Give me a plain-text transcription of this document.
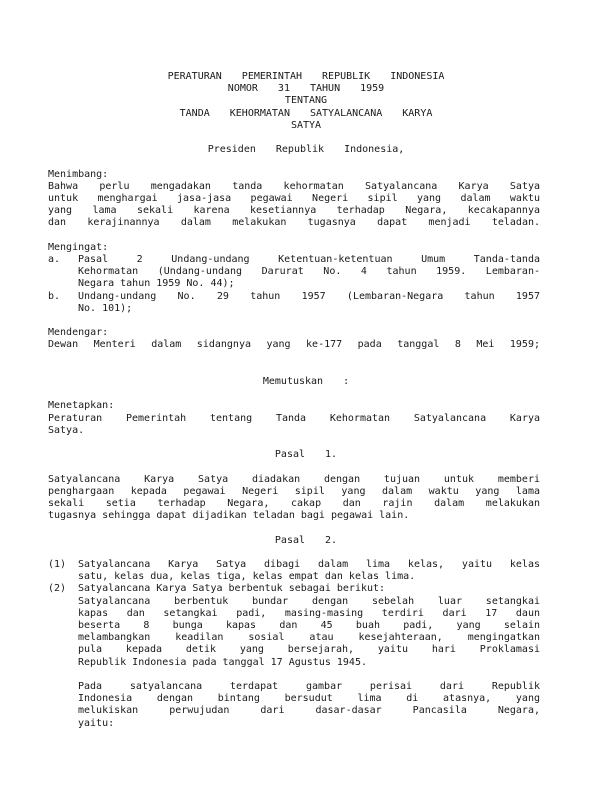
PERATURAN PEMERINTAH REPUBLIK INDONESIA
NOMOR 31 TAHUN 1959
TENTANG
TANDA KEHORMATAN SATYALANCANA KARYA
SATYA
Presiden Republik Indonesia,
Menimbang:
Bahwa perlu mengadakan tanda kehormatan Satyalancana Karya Satya
untuk menghargai jasa-jasa pegawai Negeri sipil yang dalam waktu
yang lama sekali karena kesetiannya terhadap Negara, kecakapannya
dan kerajinannya dalam melakukan tugasnya dapat menjadi teladan.
Mengingat:
a. Pasal 2 Undang-undang Ketentuan-ketentuan Umum Tanda-tanda
Kehormatan (Undang-undang Darurat No. 4 tahun 1959. Lembaran-
Negara tahun 1959 No. 44);
b. Undang-undang No. 29 tahun 1957 (Lembaran-Negara tahun 1957
No. 101);
Mendengar:
Dewan Menteri dalam sidangnya yang ke-177 pada tanggal 8 Mei 1959;
Memutuskan :
Menetapkan:
Peraturan Pemerintah tentang Tanda Kehormatan Satyalancana Karya
Satya.
Pasal 1.
Satyalancana Karya Satya diadakan dengan tujuan untuk memberi
penghargaan kepada pegawai Negeri sipil yang dalam waktu yang lama
sekali setia terhadap Negara, cakap dan rajin dalam melakukan
tugasnya sehingga dapat dijadikan teladan bagi pegawai lain.
Pasal 2.
(1) Satyalancana Karya Satya dibagi dalam lima kelas, yaitu kelas
satu, kelas dua, kelas tiga, kelas empat dan kelas lima.
(2) Satyalancana Karya Satya berbentuk sebagai berikut:
Satyalancana berbentuk bundar dengan sebelah luar setangkai
kapas dan setangkai padi, masing-masing terdiri dari 17 daun
beserta 8 bunga kapas dan 45 buah padi, yang selain
melambangkan keadilan sosial atau kesejahteraan, mengingatkan
pula kepada detik yang bersejarah, yaitu hari Proklamasi
Republik Indonesia pada tanggal 17 Agustus 1945.
Pada satyalancana terdapat gambar perisai dari Republik
Indonesia dengan bintang bersudut lima di atasnya, yang
melukiskan perwujudan dari dasar-dasar Pancasila Negara,
yaitu:
